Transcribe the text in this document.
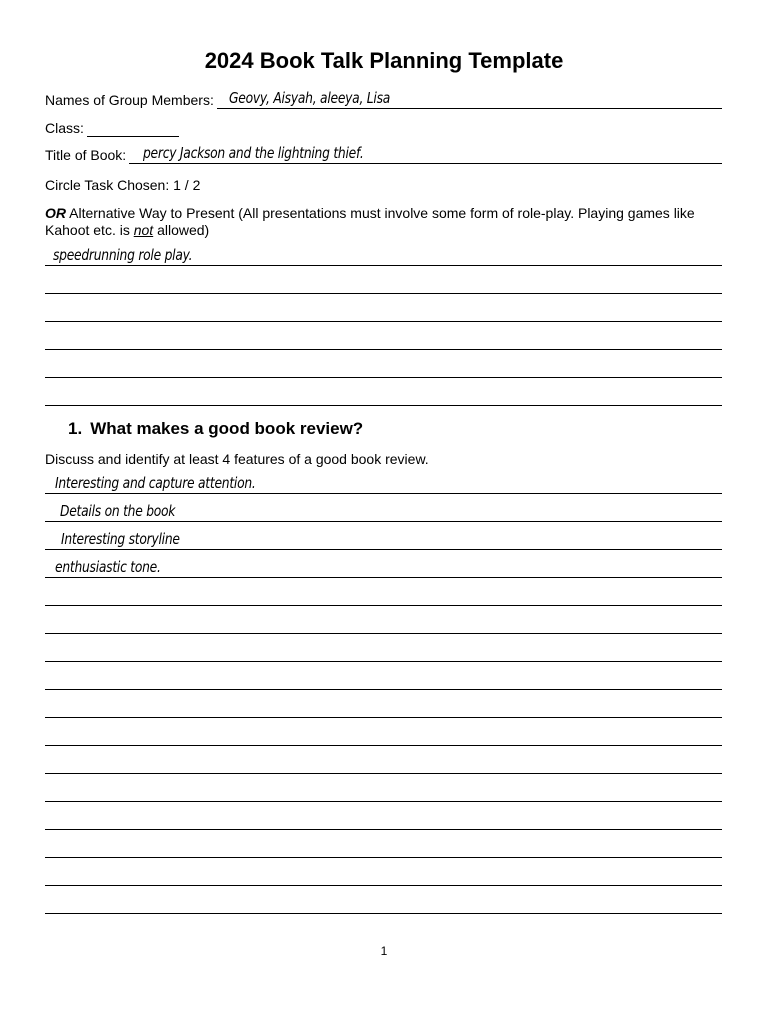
2024 Book Talk Planning Template
Names of Group Members: Geovy, Aisyah, aleeya, Lisa
Class:
Title of Book: percy Jackson and the lightning thief.
Circle Task Chosen: 1 / 2
OR Alternative Way to Present (All presentations must involve some form of role-play. Playing games like Kahoot etc. is not allowed)
speedrunning role play.
1. What makes a good book review?
Discuss and identify at least 4 features of a good book review.
Interesting and capture attention.
Details on the book
Interesting storyline
enthusiastic tone.
1
